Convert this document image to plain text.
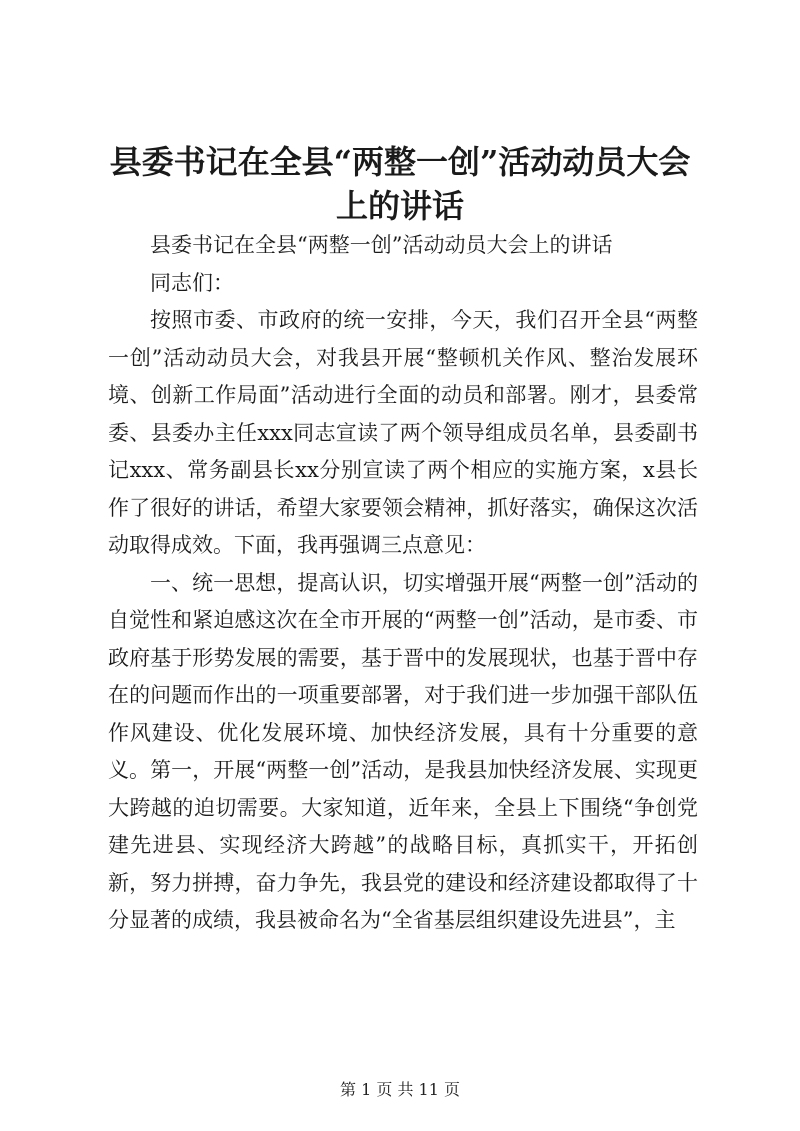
县委书记在全县“两整一创”活动动员大会上的讲话

县委书记在全县“两整一创”活动动员大会上的讲话

同志们：

按照市委、市政府的统一安排，今天，我们召开全县“两整一创”活动动员大会，对我县开展“整顿机关作风、整治发展环境、创新工作局面”活动进行全面的动员和部署。刚才，县委常委、县委办主任xxx同志宣读了两个领导组成员名单，县委副书记xxx、常务副县长xx分别宣读了两个相应的实施方案，x县长作了很好的讲话，希望大家要领会精神，抓好落实，确保这次活动取得成效。下面，我再强调三点意见：

一、统一思想，提高认识，切实增强开展“两整一创”活动的自觉性和紧迫感这次在全市开展的“两整一创”活动，是市委、市政府基于形势发展的需要，基于晋中的发展现状，也基于晋中存在的问题而作出的一项重要部署，对于我们进一步加强干部队伍作风建设、优化发展环境、加快经济发展，具有十分重要的意义。第一，开展“两整一创”活动，是我县加快经济发展、实现更大跨越的迫切需要。大家知道，近年来，全县上下围绕“争创党建先进县、实现经济大跨越”的战略目标，真抓实干，开拓创新，努力拼搏，奋力争先，我县党的建设和经济建设都取得了十分显著的成绩，我县被命名为“全省基层组织建设先进县”，主

第 1 页 共 11 页
